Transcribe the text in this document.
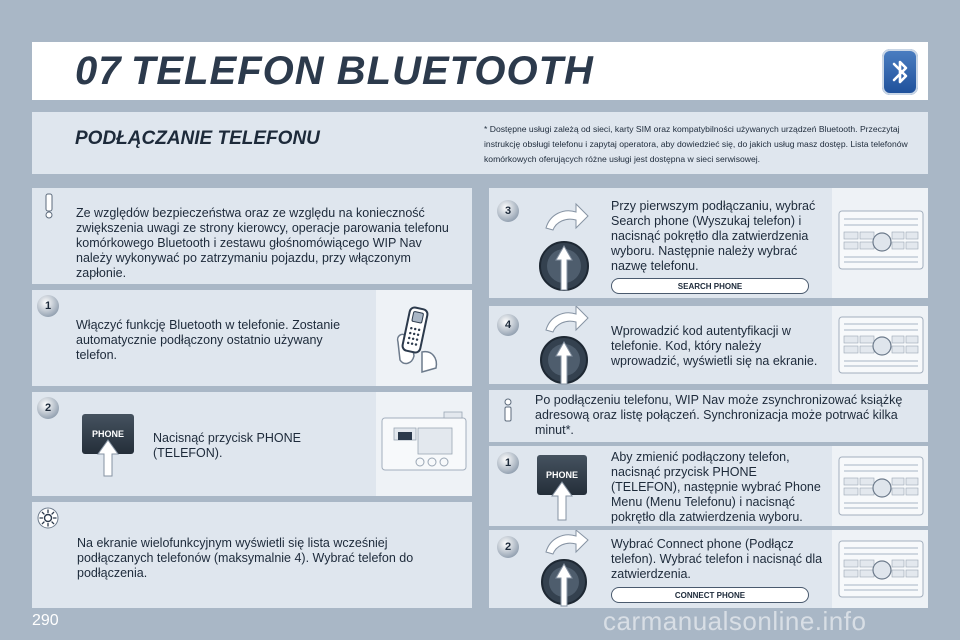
07 TELEFON BLUETOOTH
PODŁĄCZANIE TELEFONU	* Dostępne usługi zależą od sieci, karty SIM oraz kompatybilności używanych urządzeń Bluetooth. Przeczytaj instrukcję obsługi telefonu i zapytaj operatora, aby dowiedzieć się, do jakich usług masz dostęp. Lista telefonów komórkowych oferujących różne usługi jest dostępna w sieci serwisowej.
Ze względów bezpieczeństwa oraz ze względu na konieczność zwiększenia uwagi ze strony kierowcy, operacje parowania telefonu komórkowego Bluetooth i zestawu głośnomówiącego WIP Nav należy wykonywać po zatrzymaniu pojazdu, przy włączonym zapłonie.
1
Włączyć funkcję Bluetooth w telefonie. Zostanie automatycznie podłączony ostatnio używany telefon.
2
PHONE	Nacisnąć przycisk PHONE (TELEFON).
Na ekranie wielofunkcyjnym wyświetli się lista wcześniej podłączanych telefonów (maksymalnie 4). Wybrać telefon do podłączenia.
3	Przy pierwszym podłączaniu, wybrać Search phone (Wyszukaj telefon) i nacisnąć pokrętło dla zatwierdzenia wyboru. Następnie należy wybrać nazwę telefonu.
SEARCH PHONE
4	Wprowadzić kod autentyfikacji w telefonie. Kod, który należy wprowadzić, wyświetli się na ekranie.
Po podłączeniu telefonu, WIP Nav może zsynchronizować książkę adresową oraz listę połączeń. Synchronizacja może potrwać kilka minut*.
1
PHONE
Aby zmienić podłączony telefon, nacisnąć przycisk PHONE (TELEFON), następnie wybrać Phone Menu (Menu Telefonu) i nacisnąć pokrętło dla zatwierdzenia wyboru.
2	Wybrać Connect phone (Podłącz telefon). Wybrać telefon i nacisnąć dla zatwierdzenia.
CONNECT PHONE
290	carmanualsonline.info
